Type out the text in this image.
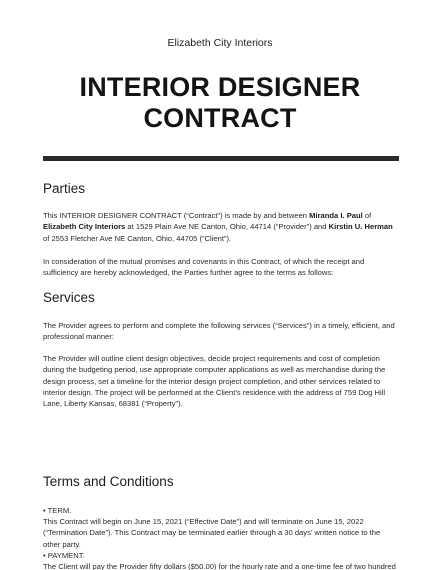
Elizabeth City Interiors
INTERIOR DESIGNER
CONTRACT
Parties

This INTERIOR DESIGNER CONTRACT (“Contract”) is made by and between Miranda I. Paul of Elizabeth City Interiors at 1529 Plain Ave NE Canton, Ohio, 44714 (“Provider”) and Kirstin U. Herman of 2553 Fletcher Ave NE Canton, Ohio, 44705 (“Client”).

In consideration of the mutual promises and covenants in this Contract, of which the receipt and sufficiency are hereby acknowledged, the Parties further agree to the terms as follows:

Services

The Provider agrees to perform and complete the following services (“Services”) in a timely, efficient, and professional manner:

The Provider will outline client design objectives, decide project requirements and cost of completion during the budgeting period, use appropriate computer applications as well as merchandise during the design process, set a timeline for the interior design project completion, and other services related to interior design. The project will be performed at the Client’s residence with the address of 759 Dog Hill Lane, Liberty Kansas, 68381 (“Property”).

Terms and Conditions

• TERM.

This Contract will begin on June 15, 2021 (“Effective Date”) and will terminate on June 15, 2022 (“Termination Date”). This Contract may be terminated earlier through a 30 days’ written notice to the other party.

• PAYMENT.

The Client will pay the Provider fifty dollars ($50.00) for the hourly rate and a one-time fee of two hundred
